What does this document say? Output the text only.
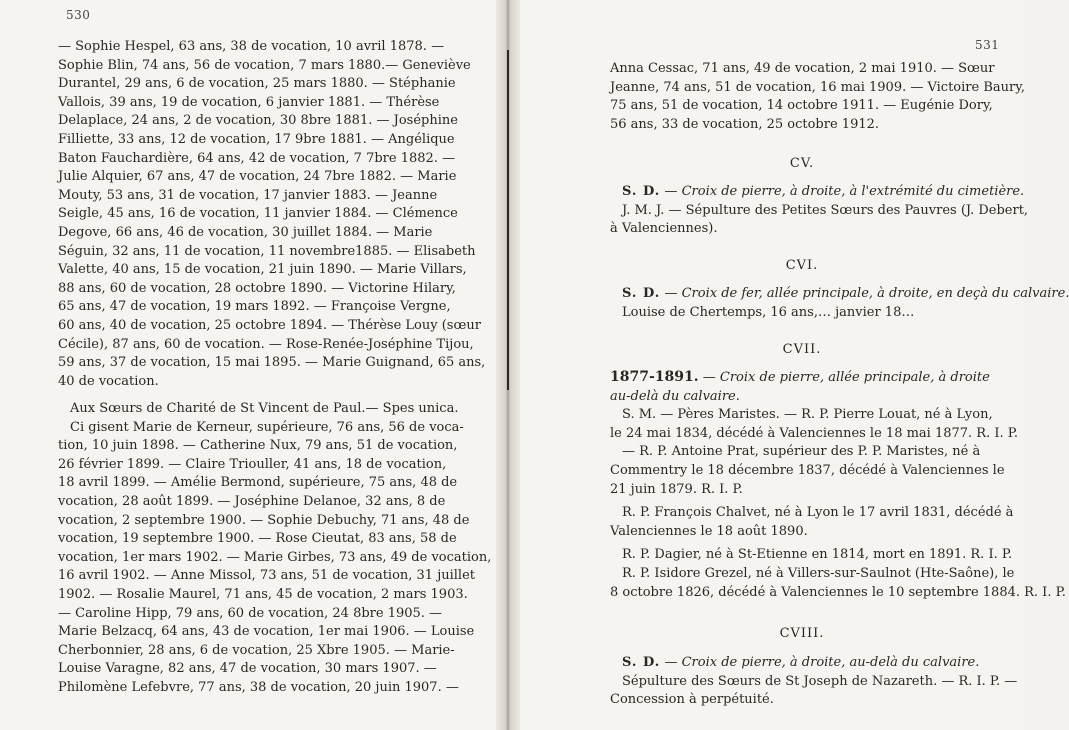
530
— Sophie Hespel, 63 ans, 38 de vocation, 10 avril 1878. —
Sophie Blin, 74 ans, 56 de vocation, 7 mars 1880.— Geneviève
Durantel, 29 ans, 6 de vocation, 25 mars 1880. — Stéphanie
Vallois, 39 ans, 19 de vocation, 6 janvier 1881. — Thérèse
Delaplace, 24 ans, 2 de vocation, 30 8bre 1881. — Joséphine
Filliette, 33 ans, 12 de vocation, 17 9bre 1881. — Angélique
Baton Fauchardière, 64 ans, 42 de vocation, 7 7bre 1882. —
Julie Alquier, 67 ans, 47 de vocation, 24 7bre 1882. — Marie
Mouty, 53 ans, 31 de vocation, 17 janvier 1883. — Jeanne
Seigle, 45 ans, 16 de vocation, 11 janvier 1884. — Clémence
Degove, 66 ans, 46 de vocation, 30 juillet 1884. — Marie
Séguin, 32 ans, 11 de vocation, 11 novembre1885. — Elisabeth
Valette, 40 ans, 15 de vocation, 21 juin 1890. — Marie Villars,
88 ans, 60 de vocation, 28 octobre 1890. — Victorine Hilary,
65 ans, 47 de vocation, 19 mars 1892. — Françoise Vergne,
60 ans, 40 de vocation, 25 octobre 1894. — Thérèse Louy (sœur
Cécile), 87 ans, 60 de vocation. — Rose-Renée-Joséphine Tijou,
59 ans, 37 de vocation, 15 mai 1895. — Marie Guignand, 65 ans,
40 de vocation.
Aux Sœurs de Charité de St Vincent de Paul.— Spes unica.
Ci gisent Marie de Kerneur, supérieure, 76 ans, 56 de voca-
tion, 10 juin 1898. — Catherine Nux, 79 ans, 51 de vocation,
26 février 1899. — Claire Triouller, 41 ans, 18 de vocation,
18 avril 1899. — Amélie Bermond, supérieure, 75 ans, 48 de
vocation, 28 août 1899. — Joséphine Delanoe, 32 ans, 8 de
vocation, 2 septembre 1900. — Sophie Debuchy, 71 ans, 48 de
vocation, 19 septembre 1900. — Rose Cieutat, 83 ans, 58 de
vocation, 1er mars 1902. — Marie Girbes, 73 ans, 49 de vocation,
16 avril 1902. — Anne Missol, 73 ans, 51 de vocation, 31 juillet
1902. — Rosalie Maurel, 71 ans, 45 de vocation, 2 mars 1903.
— Caroline Hipp, 79 ans, 60 de vocation, 24 8bre 1905. —
Marie Belzacq, 64 ans, 43 de vocation, 1er mai 1906. — Louise
Cherbonnier, 28 ans, 6 de vocation, 25 Xbre 1905. — Marie-
Louise Varagne, 82 ans, 47 de vocation, 30 mars 1907. —
Philomène Lefebvre, 77 ans, 38 de vocation, 20 juin 1907. —
531
Anna Cessac, 71 ans, 49 de vocation, 2 mai 1910. — Sœur
Jeanne, 74 ans, 51 de vocation, 16 mai 1909. — Victoire Baury,
75 ans, 51 de vocation, 14 octobre 1911. — Eugénie Dory,
56 ans, 33 de vocation, 25 octobre 1912.
CV.
S. D. — Croix de pierre, à droite, à l'extrémité du cimetière.
J. M. J. — Sépulture des Petites Sœurs des Pauvres (J. Debert,
à Valenciennes).
CVI.
S. D. — Croix de fer, allée principale, à droite, en deçà du calvaire.
Louise de Chertemps, 16 ans,… janvier 18…
CVII.
1877-1891. — Croix de pierre, allée principale, à droite
au-delà du calvaire.
S. M. — Pères Maristes. — R. P. Pierre Louat, né à Lyon,
le 24 mai 1834, décédé à Valenciennes le 18 mai 1877. R. I. P.
— R. P. Antoine Prat, supérieur des P. P. Maristes, né à
Commentry le 18 décembre 1837, décédé à Valenciennes le
21 juin 1879. R. I. P.
R. P. François Chalvet, né à Lyon le 17 avril 1831, décédé à
Valenciennes le 18 août 1890.
R. P. Dagier, né à St-Etienne en 1814, mort en 1891. R. I. P.
R. P. Isidore Grezel, né à Villers-sur-Saulnot (Hte-Saône), le
8 octobre 1826, décédé à Valenciennes le 10 septembre 1884. R. I. P.
CVIII.
S. D. — Croix de pierre, à droite, au-delà du calvaire.
Sépulture des Sœurs de St Joseph de Nazareth. — R. I. P. —
Concession à perpétuité.
